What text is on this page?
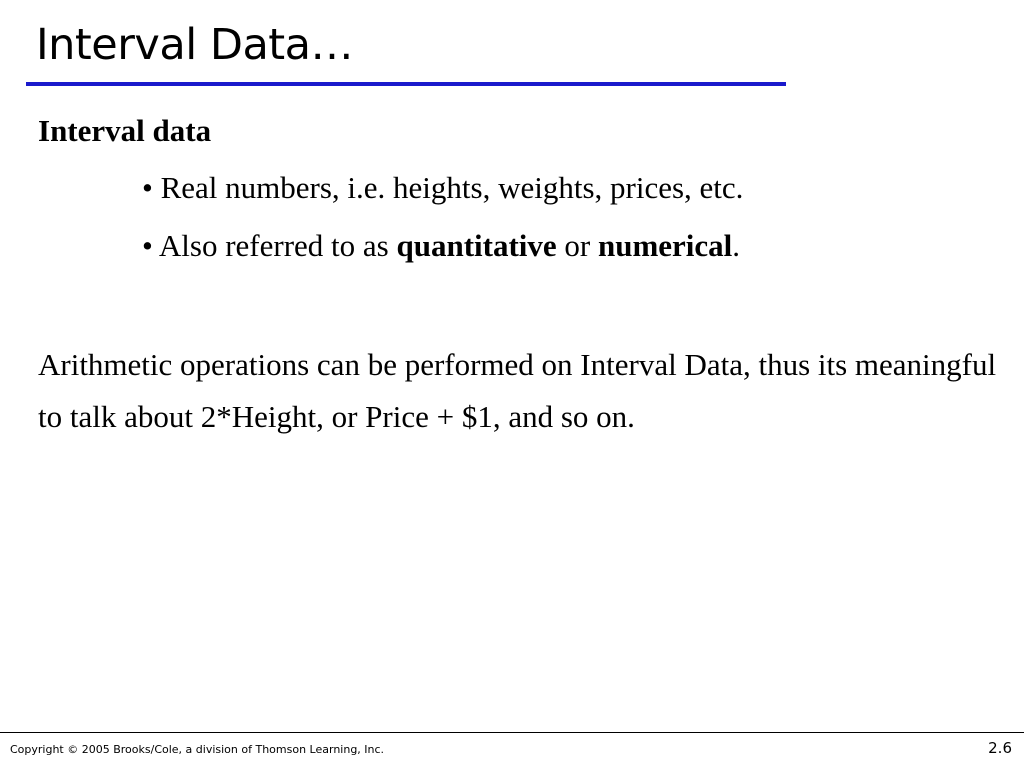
Interval Data…
Interval data
• Real numbers, i.e. heights, weights, prices, etc.
• Also referred to as quantitative or numerical.
Arithmetic operations can be performed on Interval Data, thus its meaningful to talk about 2*Height, or Price + $1, and so on.
Copyright © 2005 Brooks/Cole, a division of Thomson Learning, Inc.	2.6
